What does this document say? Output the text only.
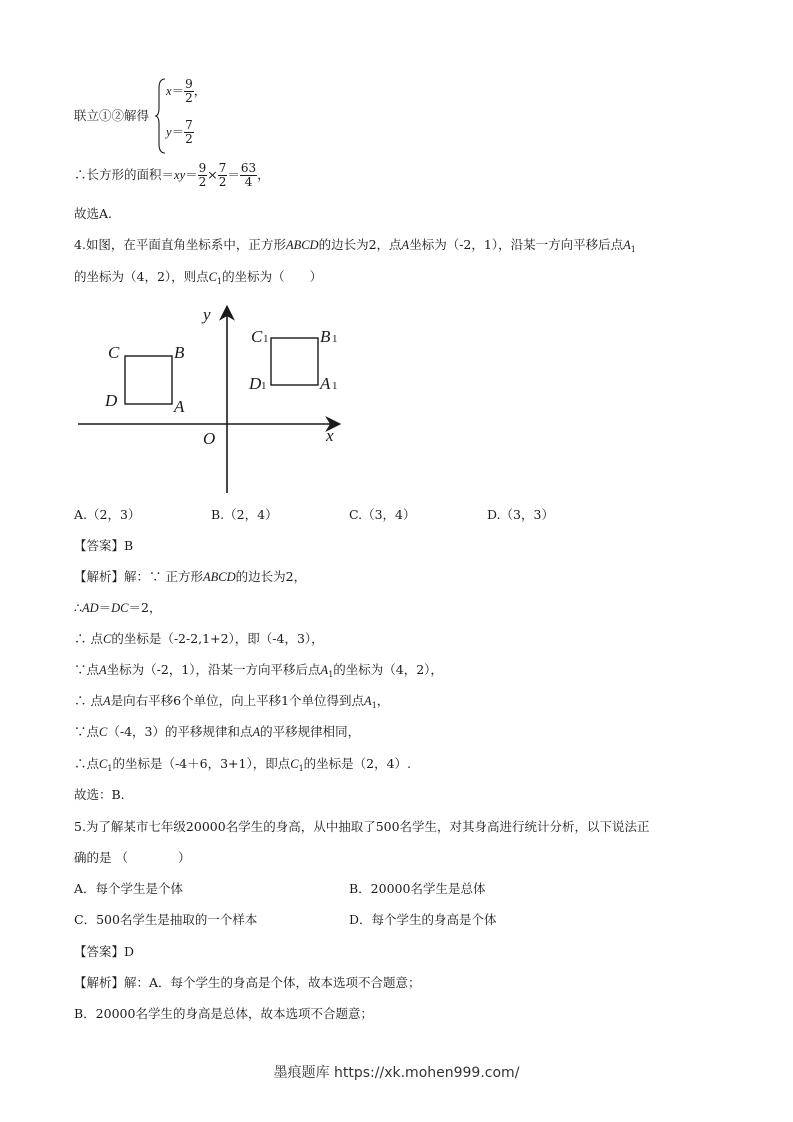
联立①②解得
$x= \frac{9}{2}$ ，
$y= \frac{7}{2}$
∴长方形的面积$=xy= \frac{9}{2} \times \frac{7}{2} = \frac{63}{4}$ ，
故选A.
4.如图，在平面直角坐标系中，正方形ABCD的边长为2，点A坐标为（-2，1），沿某一方向平移后点$A_1$
的坐标为（4，2），则点$C_1$的坐标为（　　）
y
x
O
C	B
D	A
C	B
D	A
1	1
1	1
A.（2，3）	B.（2，4）	C.（3，4）	D.（3，3）
【答案】B
【解析】解：∵ 正方形ABCD的边长为2，
∴AD＝DC＝2，
∴ 点C的坐标是（-2-2,1+2），即（-4，3），
∵点A坐标为（-2，1），沿某一方向平移后点$A_1$的坐标为（4，2），
∴ 点A是向右平移6个单位，向上平移1个单位得到点$A_1$，
∵点C（-4，3）的平移规律和点A的平移规律相同，
∴点$C_1$的坐标是（-4＋6，3+1），即点$C_1$的坐标是（2，4）.
故选：B.
5.为了解某市七年级20000名学生的身高，从中抽取了500名学生，对其身高进行统计分析，以下说法正
确的是 （　　　　）
A．每个学生是个体	B．20000名学生是总体
C．500名学生是抽取的一个样本	D．每个学生的身高是个体
【答案】D
【解析】解：A．每个学生的身高是个体，故本选项不合题意；
B．20000名学生的身高是总体，故本选项不合题意；
墨痕题库 https://xk.mohen999.com/
